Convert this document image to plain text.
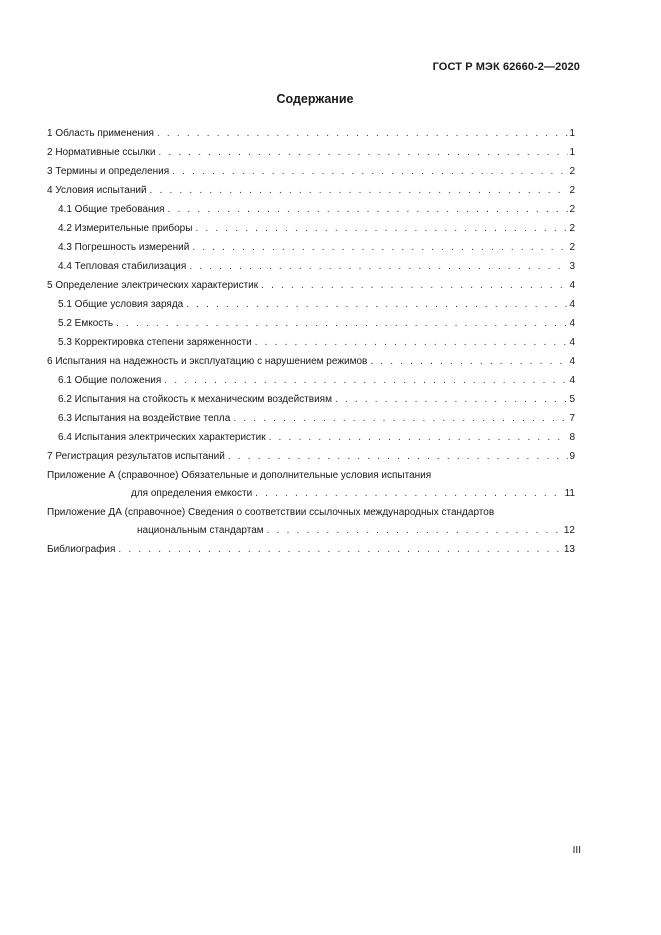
ГОСТ Р МЭК 62660-2—2020
Содержание
1 Область применения . . .	1
2 Нормативные ссылки . . .	1
3 Термины и определения . . .	2
4 Условия испытаний . . .	2
4.1 Общие требования . . .	2
4.2 Измерительные приборы . . .	2
4.3 Погрешность измерений . . .	2
4.4 Тепловая стабилизация . . .	3
5 Определение электрических характеристик . . .	4
5.1 Общие условия заряда . . .	4
5.2 Емкость . . .	4
5.3 Корректировка степени заряженности . . .	4
6 Испытания на надежность и эксплуатацию с нарушением режимов . . .	4
6.1 Общие положения . . .	4
6.2 Испытания на стойкость к механическим воздействиям . . .	5
6.3 Испытания на воздействие тепла . . .	7
6.4 Испытания электрических характеристик . . .	8
7 Регистрация результатов испытаний . . .	9
Приложение А (справочное) Обязательные и дополнительные условия испытания
для определения емкости . . .	11
Приложение ДА (справочное) Сведения о соответствии ссылочных международных стандартов
национальным стандартам . . .	12
Библиография . . .	13
III
